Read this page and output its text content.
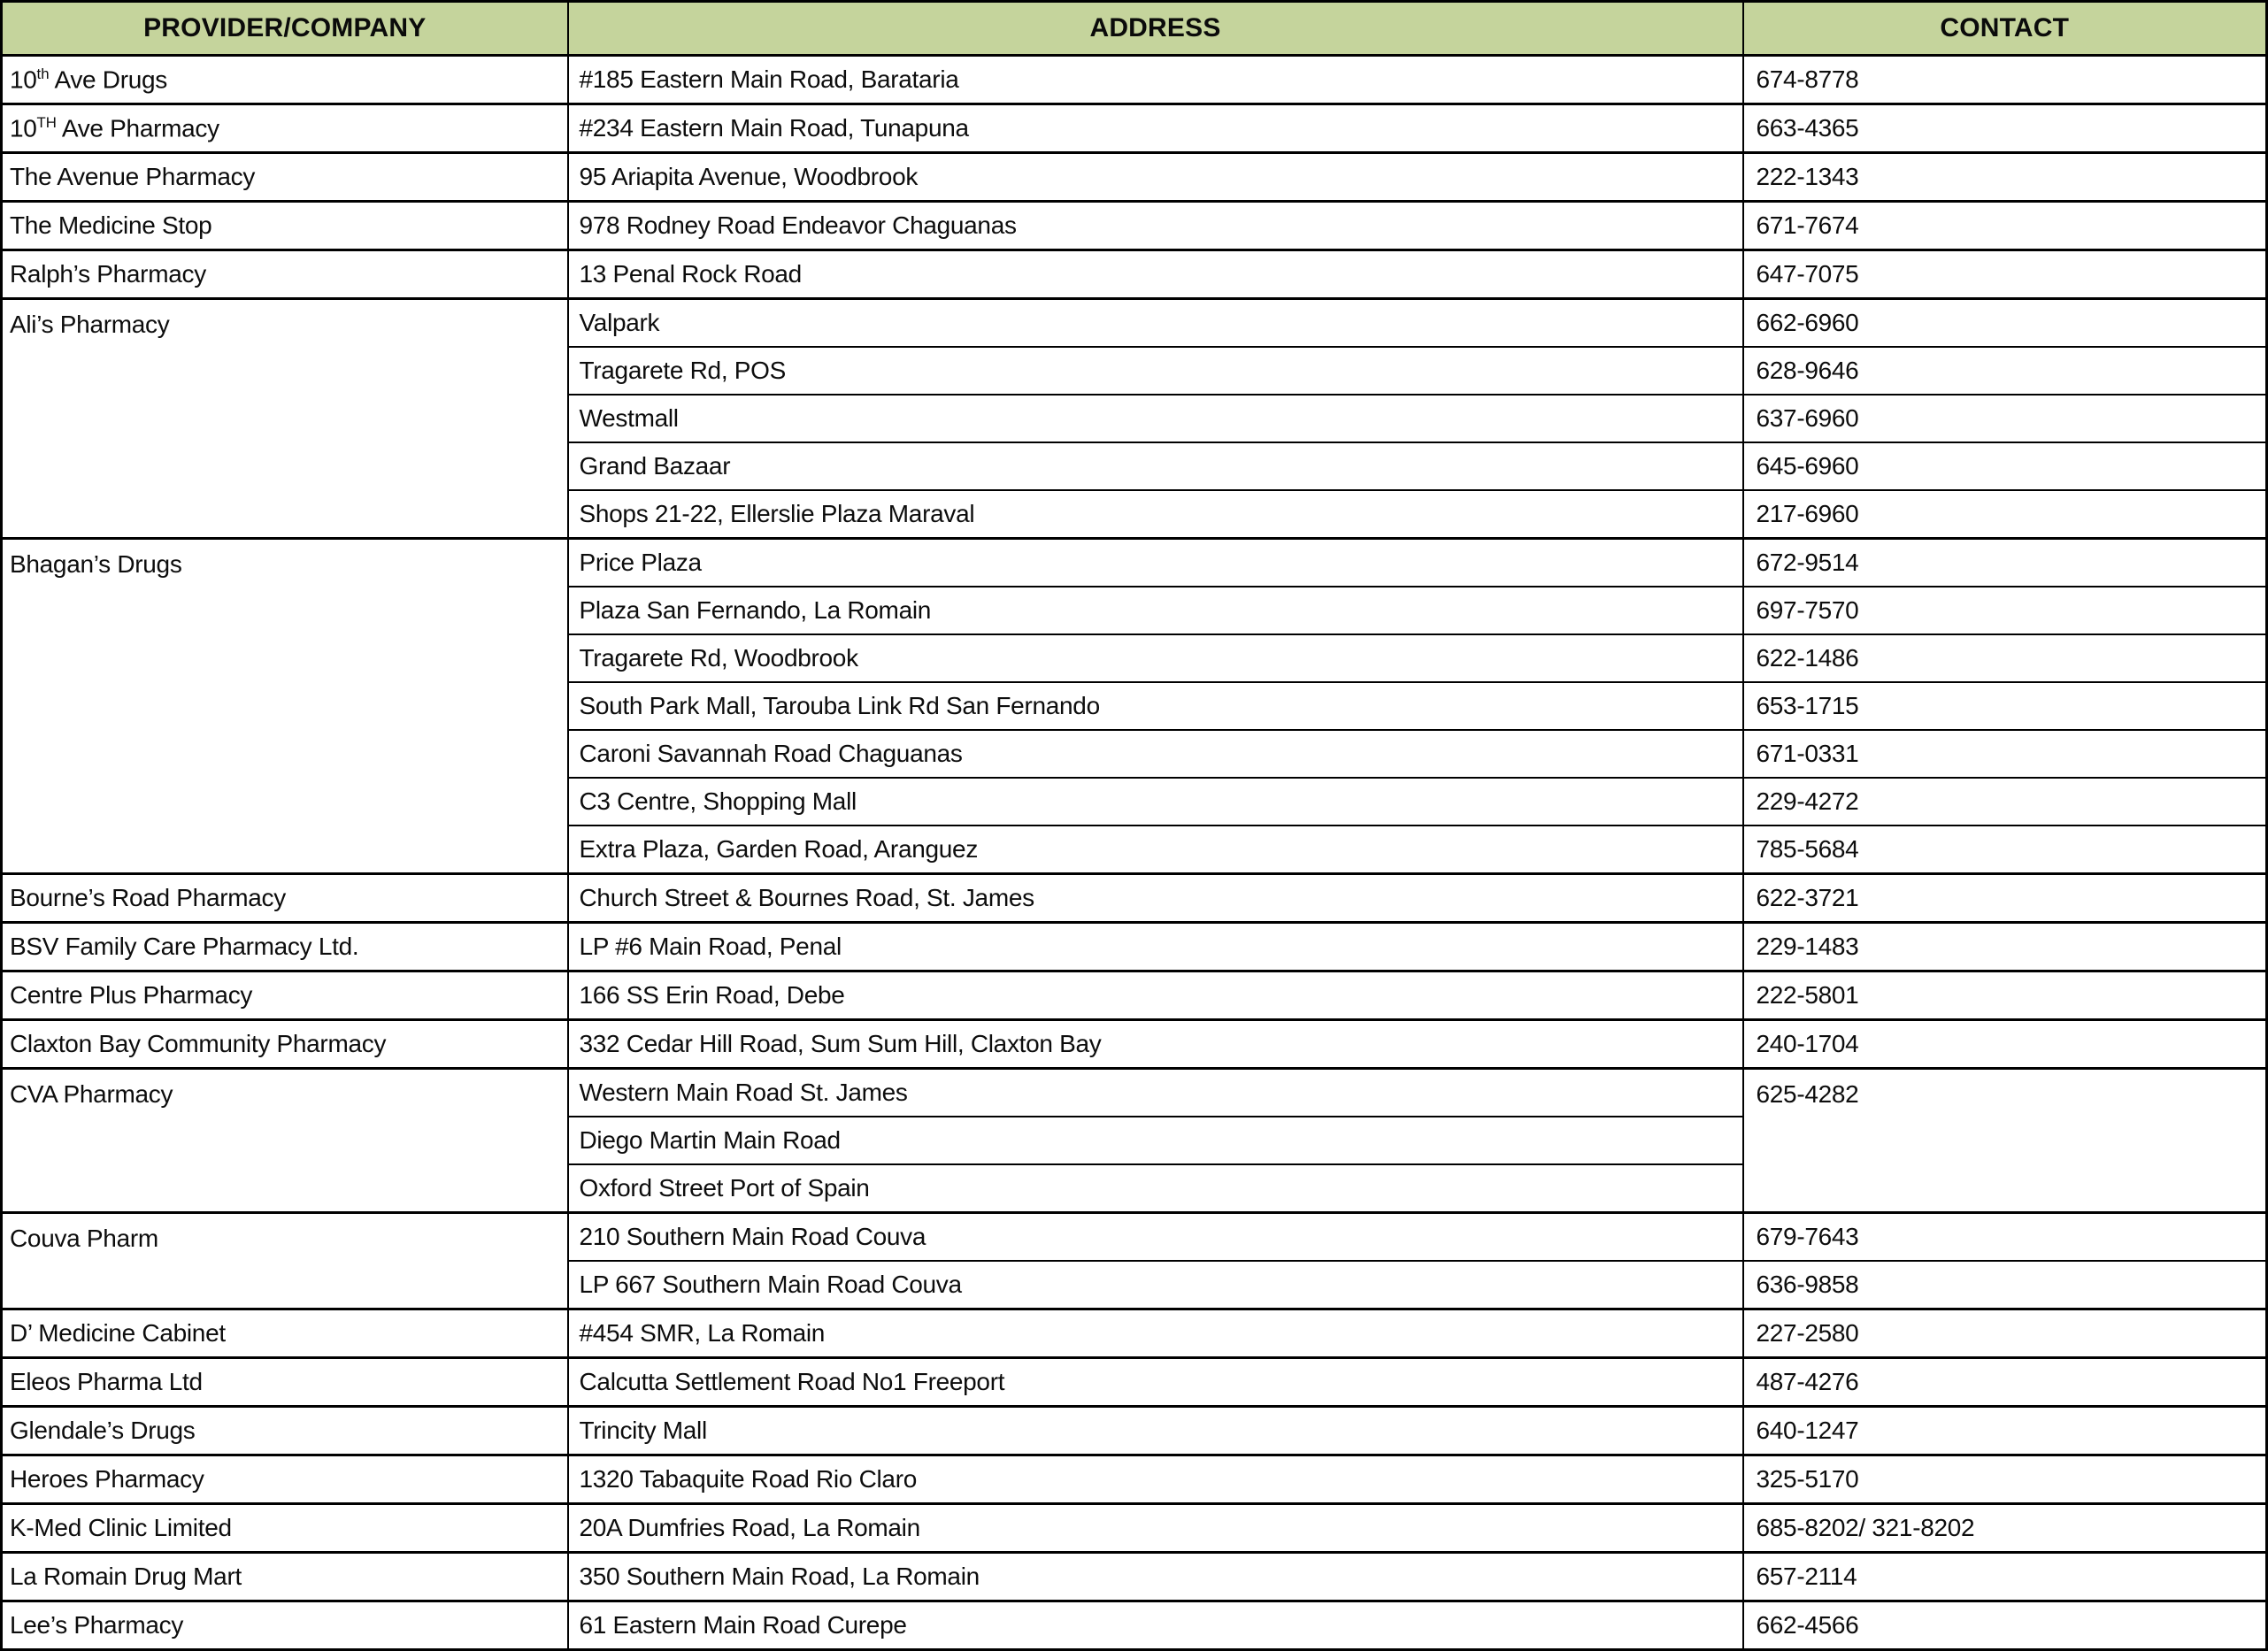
PROVIDER/COMPANY	ADDRESS	CONTACT
10th Ave Drugs	#185 Eastern Main Road, Barataria	674-8778
10TH Ave Pharmacy	#234 Eastern Main Road, Tunapuna	663-4365
The Avenue Pharmacy	95 Ariapita Avenue, Woodbrook	222-1343
The Medicine Stop	978 Rodney Road Endeavor Chaguanas	671-7674
Ralph’s Pharmacy	13 Penal Rock Road	647-7075
Ali’s Pharmacy	Valpark	662-6960
	Tragarete Rd, POS	628-9646
	Westmall	637-6960
	Grand Bazaar	645-6960
	Shops 21-22, Ellerslie Plaza Maraval	217-6960
Bhagan’s Drugs	Price Plaza	672-9514
	Plaza San Fernando, La Romain	697-7570
	Tragarete Rd, Woodbrook	622-1486
	South Park Mall, Tarouba Link Rd San Fernando	653-1715
	Caroni Savannah Road Chaguanas	671-0331
	C3 Centre, Shopping Mall	229-4272
	Extra Plaza, Garden Road, Aranguez	785-5684
Bourne’s Road Pharmacy	Church Street & Bournes Road, St. James	622-3721
BSV Family Care Pharmacy Ltd.	LP #6 Main Road, Penal	229-1483
Centre Plus Pharmacy	166 SS Erin Road, Debe	222-5801
Claxton Bay Community Pharmacy	332 Cedar Hill Road, Sum Sum Hill, Claxton Bay	240-1704
CVA Pharmacy	Western Main Road St. James	625-4282
	Diego Martin Main Road	
	Oxford Street Port of Spain	
Couva Pharm	210 Southern Main Road Couva	679-7643
	LP 667 Southern Main Road Couva	636-9858
D’ Medicine Cabinet	#454 SMR, La Romain	227-2580
Eleos Pharma Ltd	Calcutta Settlement Road No1 Freeport	487-4276
Glendale’s Drugs	Trincity Mall	640-1247
Heroes Pharmacy	1320 Tabaquite Road Rio Claro	325-5170
K-Med Clinic Limited	20A Dumfries Road, La Romain	685-8202/ 321-8202
La Romain Drug Mart	350 Southern Main Road, La Romain	657-2114
Lee’s Pharmacy	61 Eastern Main Road Curepe	662-4566
